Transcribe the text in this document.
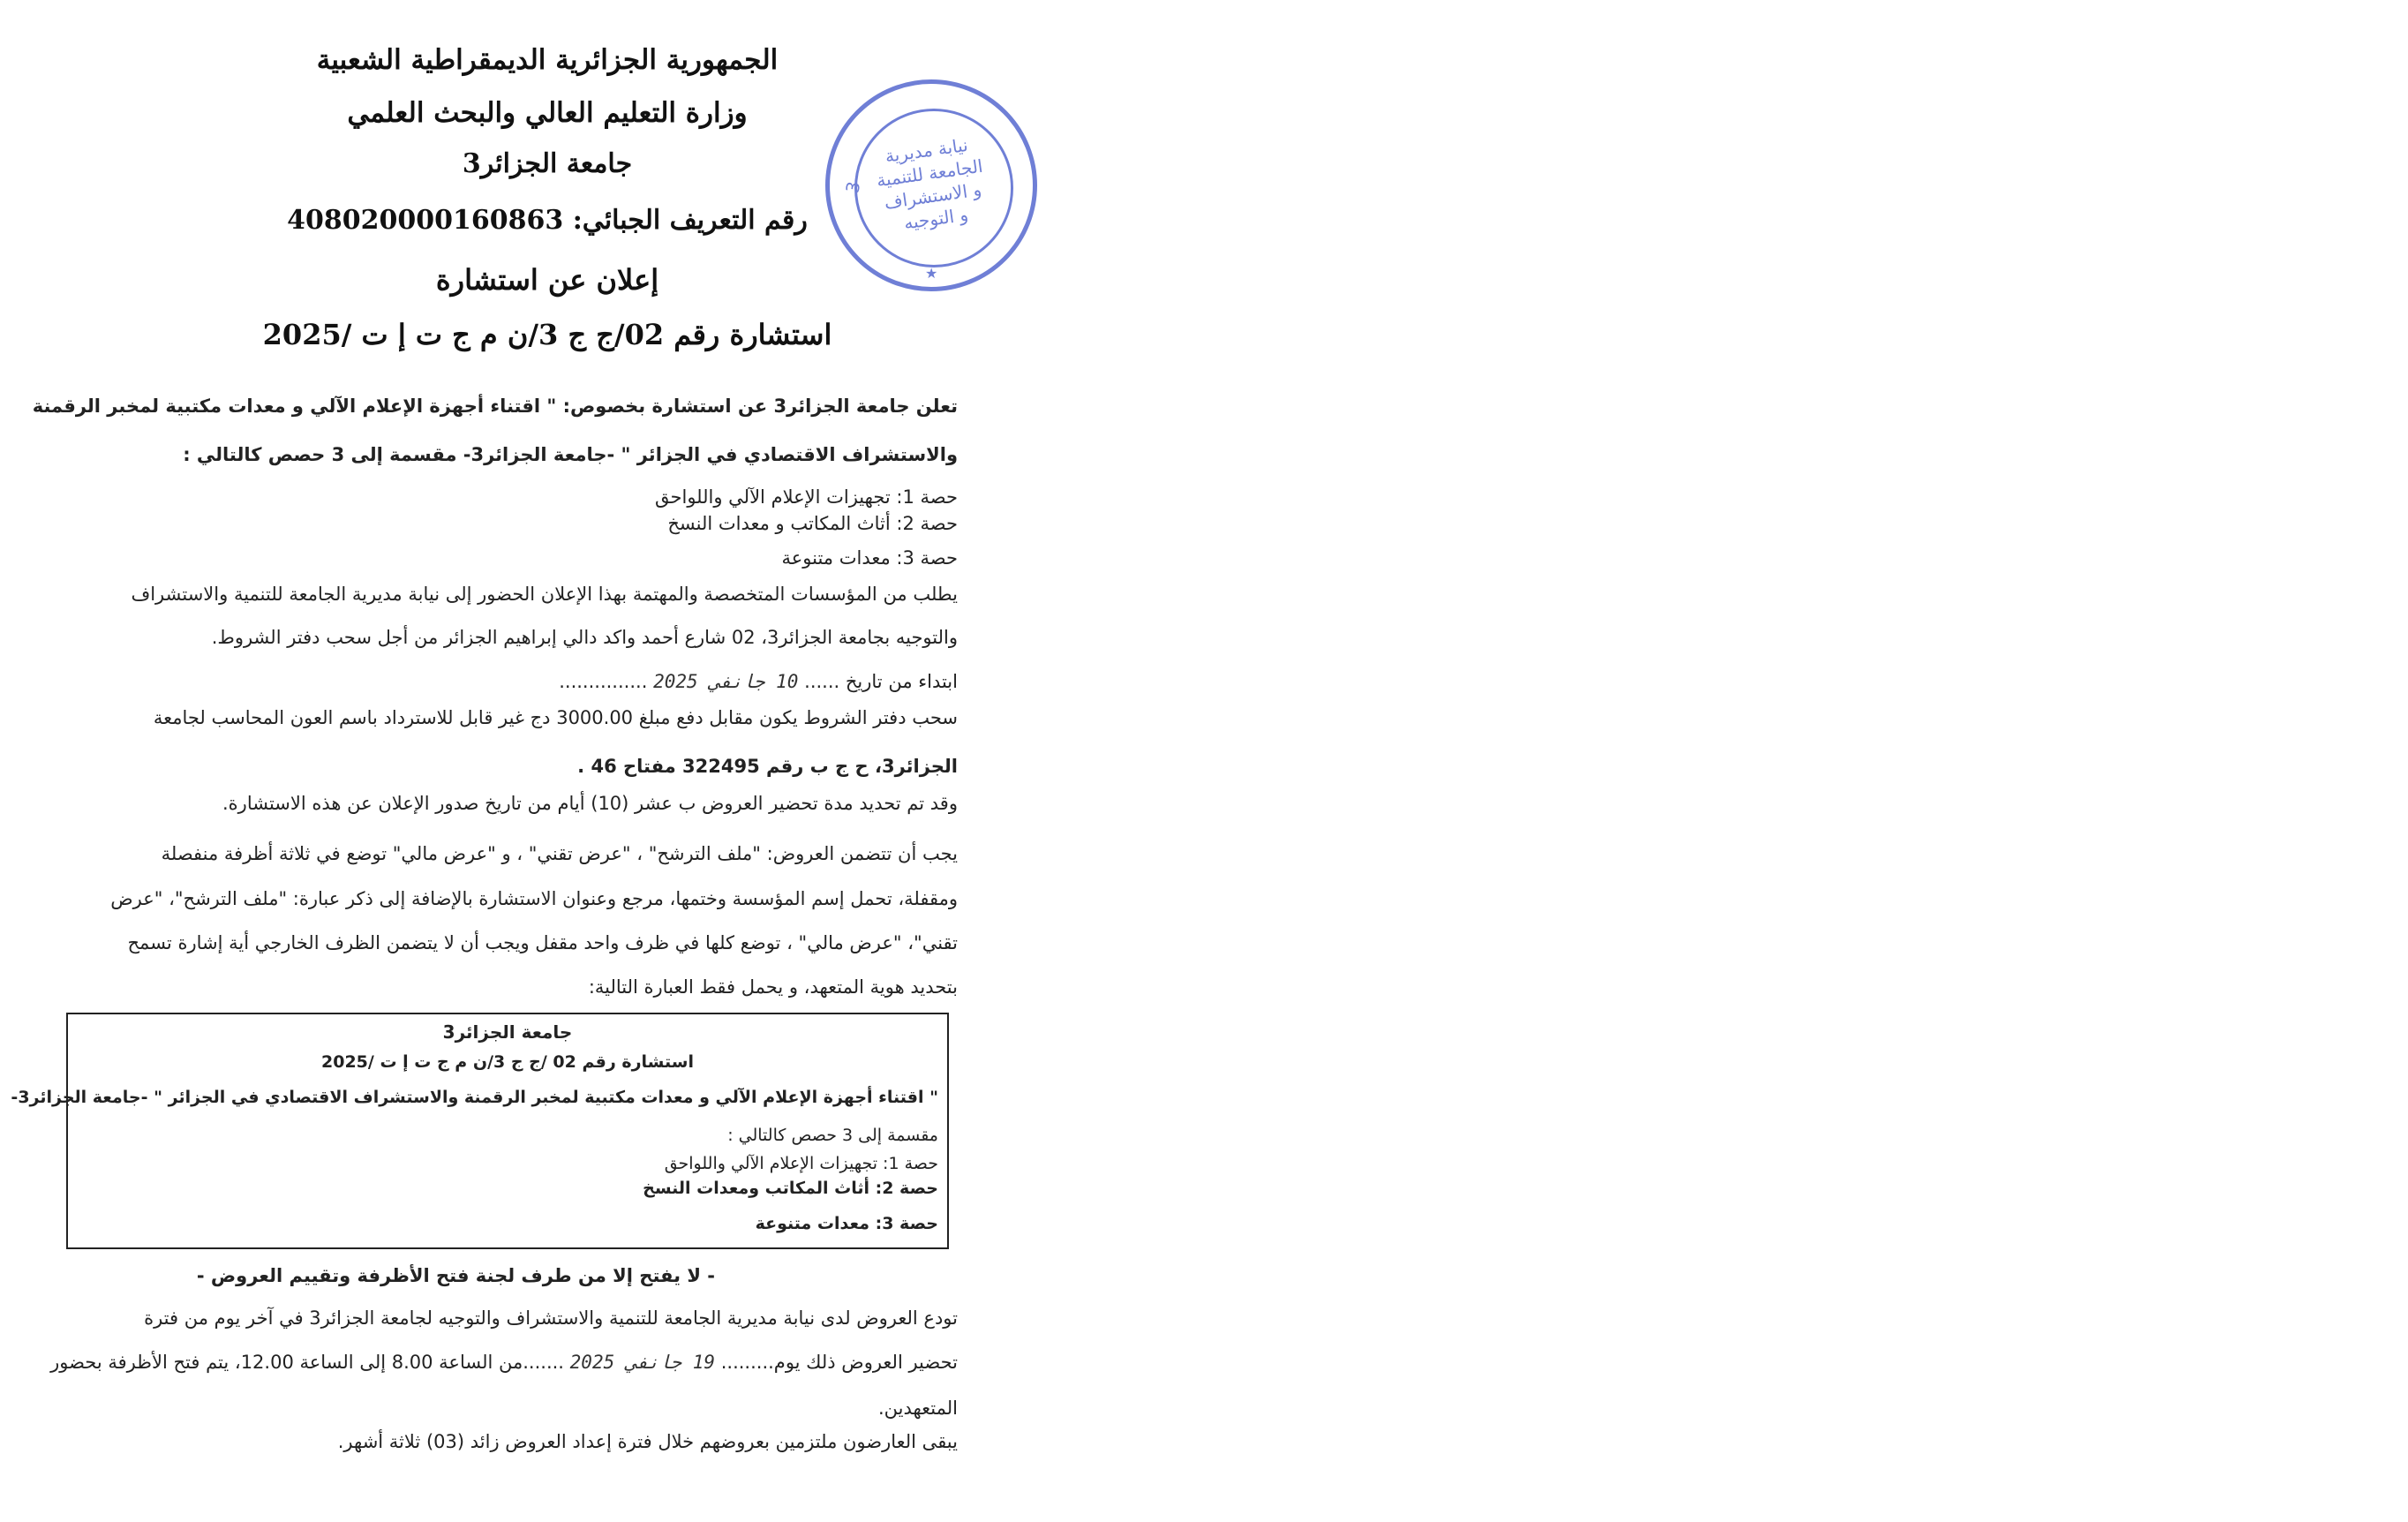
الجمهورية الجزائرية الديمقراطية الشعبية
وزارة التعليم العالي والبحث العلمي
جامعة الجزائر3
رقم التعريف الجبائي: 408020000160863
إعلان عن استشارة
استشارة رقم 02/ج ج 3/ن م ج ت إ ت /2025
نيابة مديرية
الجامعة للتنمية
و الاستشراف
و التوجيه
3
★
تعلن جامعة الجزائر3 عن استشارة بخصوص: " اقتناء أجهزة الإعلام الآلي و معدات مكتبية لمخبر الرقمنة
والاستشراف الاقتصادي في الجزائر " -جامعة الجزائر3- مقسمة إلى 3 حصص كالتالي :
حصة 1: تجهيزات الإعلام الآلي واللواحق
حصة 2: أثاث المكاتب و معدات النسخ
حصة 3: معدات متنوعة
يطلب من المؤسسات المتخصصة والمهتمة بهذا الإعلان الحضور إلى نيابة مديرية الجامعة للتنمية والاستشراف
والتوجيه بجامعة الجزائر3، 02 شارع أحمد واكد دالي إبراهيم الجزائر من أجل سحب دفتر الشروط.
ابتداء من تاريخ ...... 10 جانفي 2025 ...............
سحب دفتر الشروط يكون مقابل دفع مبلغ 3000.00 دج غير قابل للاسترداد باسم العون المحاسب لجامعة
الجزائر3، ح ج ب رقم 322495 مفتاح 46 .
وقد تم تحديد مدة تحضير العروض ب عشر (10) أيام من تاريخ صدور الإعلان عن هذه الاستشارة.
يجب أن تتضمن العروض: "ملف الترشح" ، "عرض تقني" ، و "عرض مالي" توضع في ثلاثة أظرفة منفصلة
ومقفلة، تحمل إسم المؤسسة وختمها، مرجع وعنوان الاستشارة بالإضافة إلى ذكر عبارة: "ملف الترشح"، "عرض
تقني"، "عرض مالي" ، توضع كلها في ظرف واحد مقفل ويجب أن لا يتضمن الظرف الخارجي أية إشارة تسمح
بتحديد هوية المتعهد، و يحمل فقط العبارة التالية:
جامعة الجزائر3
استشارة رقم 02 /ج ج 3/ن م ج ت إ ت /2025
" اقتناء أجهزة الإعلام الآلي و معدات مكتبية لمخبر الرقمنة والاستشراف الاقتصادي في الجزائر " -جامعة الجزائر3-
مقسمة إلى 3 حصص كالتالي :
حصة 1: تجهيزات الإعلام الآلي واللواحق
حصة 2: أثاث المكاتب ومعدات النسخ
حصة 3: معدات متنوعة
- لا يفتح إلا من طرف لجنة فتح الأظرفة وتقييم العروض -
تودع العروض لدى نيابة مديرية الجامعة للتنمية والاستشراف والتوجيه لجامعة الجزائر3 في آخر يوم من فترة
تحضير العروض ذلك يوم......... 19 جانفي 2025 .......من الساعة 8.00 إلى الساعة 12.00، يتم فتح الأظرفة بحضور
المتعهدين.
يبقى العارضون ملتزمين بعروضهم خلال فترة إعداد العروض زائد (03) ثلاثة أشهر.
